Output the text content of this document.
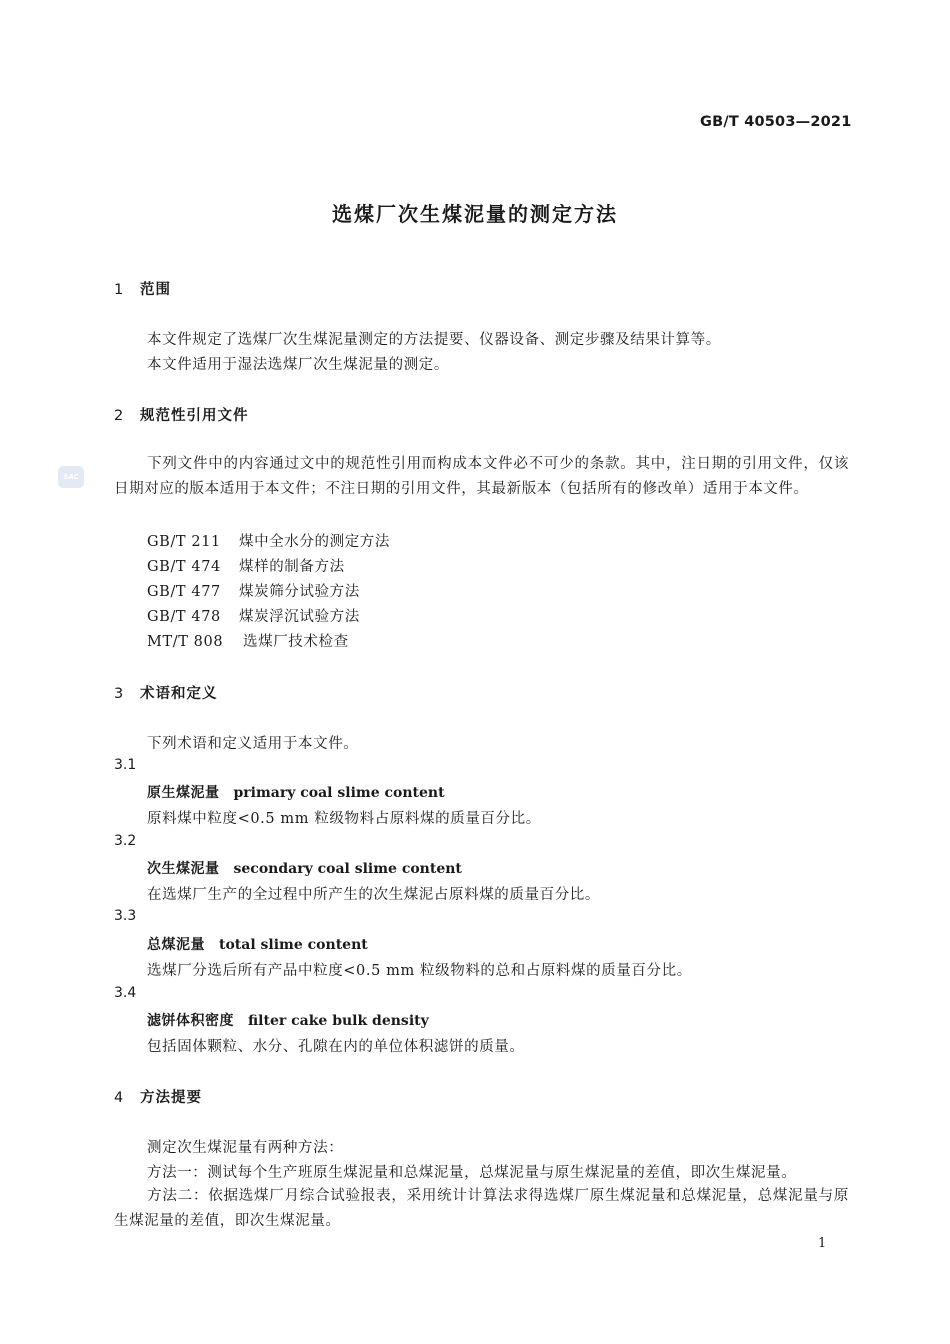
GB/T 40503—2021
选煤厂次生煤泥量的测定方法
SAC
1 范围
本文件规定了选煤厂次生煤泥量测定的方法提要、仪器设备、测定步骤及结果计算等。
本文件适用于湿法选煤厂次生煤泥量的测定。
2 规范性引用文件
下列文件中的内容通过文中的规范性引用而构成本文件必不可少的条款。其中，注日期的引用文件，仅该日期对应的版本适用于本文件；不注日期的引用文件，其最新版本（包括所有的修改单）适用于本文件。
GB/T 211 煤中全水分的测定方法
GB/T 474 煤样的制备方法
GB/T 477 煤炭筛分试验方法
GB/T 478 煤炭浮沉试验方法
MT/T 808 选煤厂技术检查
3 术语和定义
下列术语和定义适用于本文件。
3.1
原生煤泥量 primary coal slime content
原料煤中粒度<0.5 mm 粒级物料占原料煤的质量百分比。
3.2
次生煤泥量 secondary coal slime content
在选煤厂生产的全过程中所产生的次生煤泥占原料煤的质量百分比。
3.3
总煤泥量 total slime content
选煤厂分选后所有产品中粒度<0.5 mm 粒级物料的总和占原料煤的质量百分比。
3.4
滤饼体积密度 filter cake bulk density
包括固体颗粒、水分、孔隙在内的单位体积滤饼的质量。
4 方法提要
测定次生煤泥量有两种方法：
方法一：测试每个生产班原生煤泥量和总煤泥量，总煤泥量与原生煤泥量的差值，即次生煤泥量。
方法二：依据选煤厂月综合试验报表，采用统计计算法求得选煤厂原生煤泥量和总煤泥量，总煤泥量与原生煤泥量的差值，即次生煤泥量。
1
